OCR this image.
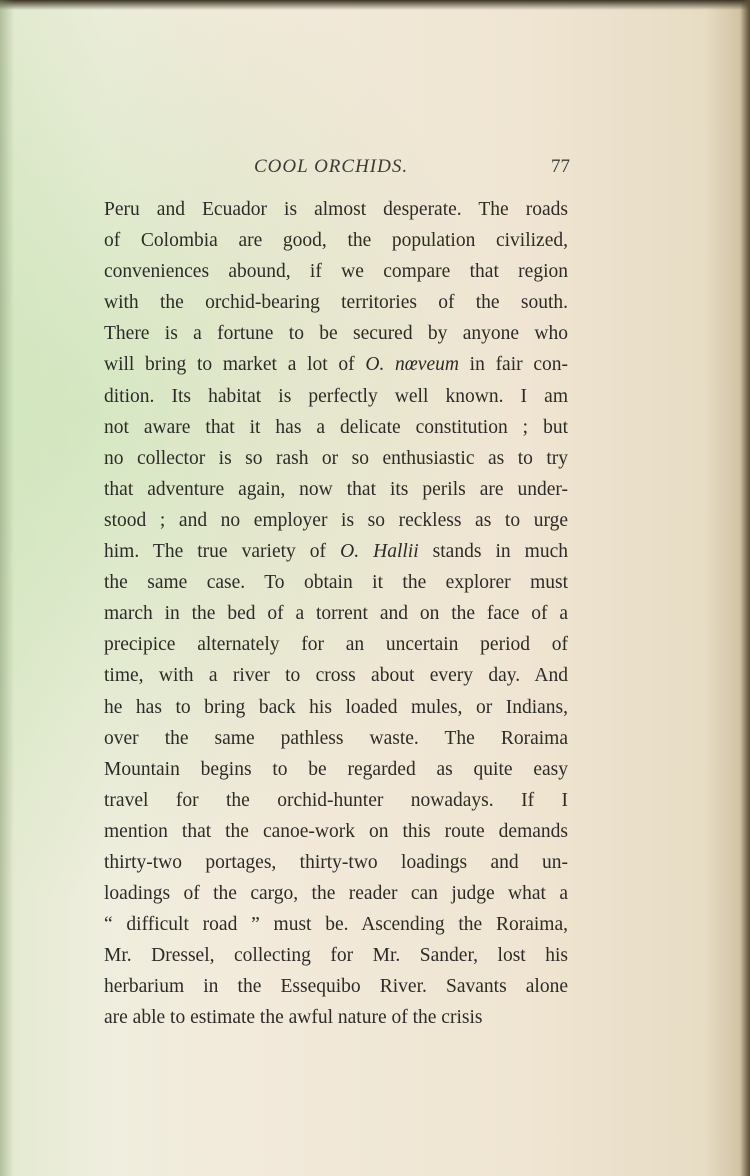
COOL ORCHIDS.	77
Peru and Ecuador is almost desperate. The roads
of Colombia are good, the population civilized,
conveniences abound, if we compare that region
with the orchid-bearing territories of the south.
There is a fortune to be secured by anyone who
will bring to market a lot of O. nœveum in fair con-
dition. Its habitat is perfectly well known. I am
not aware that it has a delicate constitution ; but
no collector is so rash or so enthusiastic as to try
that adventure again, now that its perils are under-
stood ; and no employer is so reckless as to urge
him. The true variety of O. Hallii stands in much
the same case. To obtain it the explorer must
march in the bed of a torrent and on the face of a
precipice alternately for an uncertain period of
time, with a river to cross about every day. And
he has to bring back his loaded mules, or Indians,
over the same pathless waste. The Roraima
Mountain begins to be regarded as quite easy
travel for the orchid-hunter nowadays. If I
mention that the canoe-work on this route demands
thirty-two portages, thirty-two loadings and un-
loadings of the cargo, the reader can judge what a
“ difficult road ” must be. Ascending the Roraima,
Mr. Dressel, collecting for Mr. Sander, lost his
herbarium in the Essequibo River. Savants alone
are able to estimate the awful nature of the crisis
